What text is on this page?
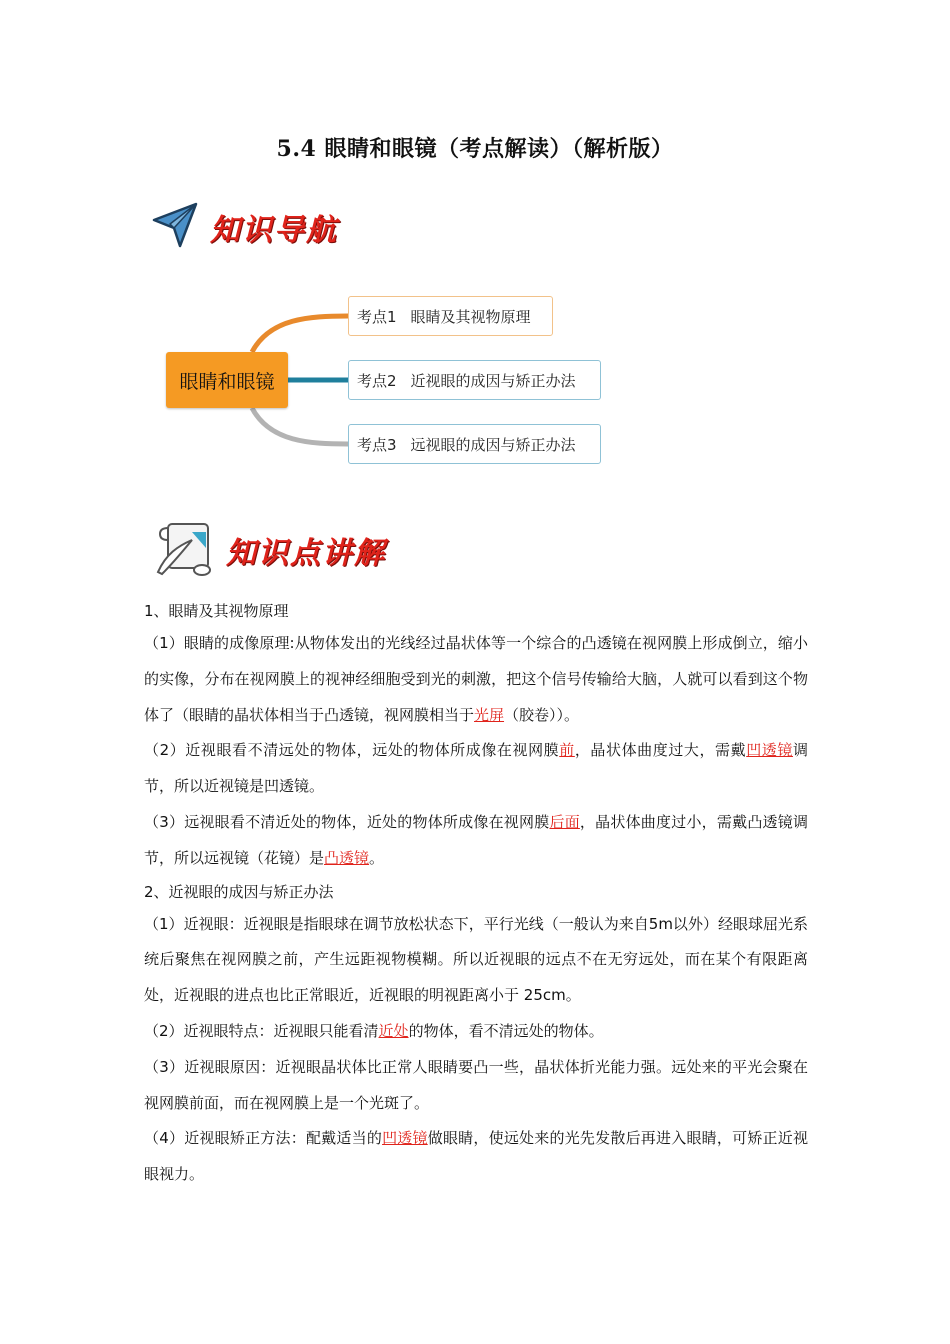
5.4 眼睛和眼镜（考点解读）（解析版）
知识导航
眼睛和眼镜
考点1 眼睛及其视物原理
考点2 近视眼的成因与矫正办法
考点3 远视眼的成因与矫正办法
知识点讲解

1、眼睛及其视物原理

（1）眼睛的成像原理:从物体发出的光线经过晶状体等一个综合的凸透镜在视网膜上形成倒立，缩小的实像，分布在视网膜上的视神经细胞受到光的刺激，把这个信号传输给大脑，人就可以看到这个物体了（眼睛的晶状体相当于凸透镜，视网膜相当于光屏（胶卷））。

（2）近视眼看不清远处的物体，远处的物体所成像在视网膜前，晶状体曲度过大，需戴凹透镜调节，所以近视镜是凹透镜。

（3）远视眼看不清近处的物体，近处的物体所成像在视网膜后面，晶状体曲度过小，需戴凸透镜调节，所以远视镜（花镜）是凸透镜。

2、近视眼的成因与矫正办法

（1）近视眼：近视眼是指眼球在调节放松状态下，平行光线（一般认为来自5m以外）经眼球屈光系统后聚焦在视网膜之前，产生远距视物模糊。所以近视眼的远点不在无穷远处，而在某个有限距离处，近视眼的进点也比正常眼近，近视眼的明视距离小于 25cm。

（2）近视眼特点：近视眼只能看清近处的物体，看不清远处的物体。

（3）近视眼原因：近视眼晶状体比正常人眼睛要凸一些，晶状体折光能力强。远处来的平光会聚在视网膜前面，而在视网膜上是一个光斑了。

（4）近视眼矫正方法：配戴适当的凹透镜做眼睛，使远处来的光先发散后再进入眼睛，可矫正近视眼视力。
